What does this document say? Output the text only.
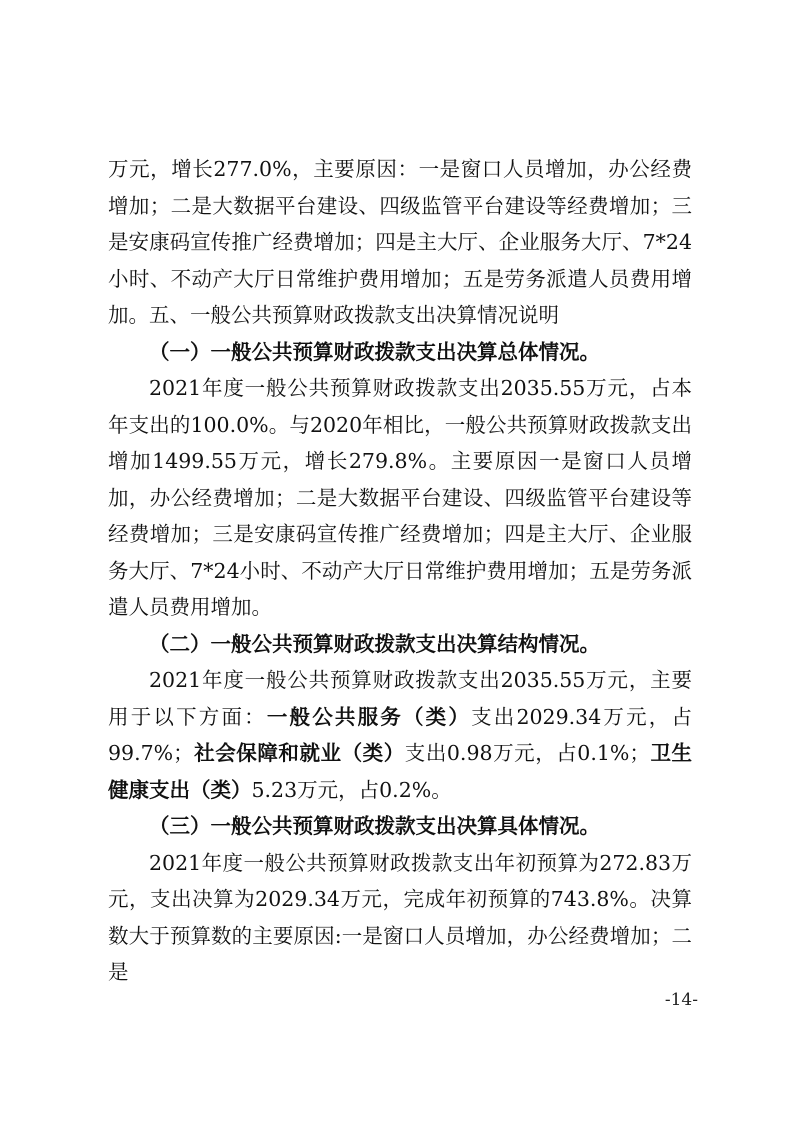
万元，增长277.0%，主要原因：一是窗口人员增加，办公经费增加；二是大数据平台建设、四级监管平台建设等经费增加；三是安康码宣传推广经费增加；四是主大厅、企业服务大厅、7*24小时、不动产大厅日常维护费用增加；五是劳务派遣人员费用增加。 五、一般公共预算财政拨款支出决算情况说明

（一）一般公共预算财政拨款支出决算总体情况。

2021年度一般公共预算财政拨款支出2035.55万元，占本年支出的100.0%。与2020年相比，一般公共预算财政拨款支出增加1499.55万元，增长279.8%。主要原因一是窗口人员增加，办公经费增加；二是大数据平台建设、四级监管平台建设等经费增加；三是安康码宣传推广经费增加；四是主大厅、企业服务大厅、7*24小时、不动产大厅日常维护费用增加；五是劳务派遣人员费用增加。

（二）一般公共预算财政拨款支出决算结构情况。

2021年度一般公共预算财政拨款支出2035.55万元，主要用于以下方面：一般公共服务（类）支出2029.34万元，占99.7%；社会保障和就业（类）支出0.98万元，占0.1%；卫生健康支出（类）5.23万元，占0.2%。

（三）一般公共预算财政拨款支出决算具体情况。

2021年度一般公共预算财政拨款支出年初预算为272.83万元，支出决算为2029.34万元，完成年初预算的743.8%。决算数大于预算数的主要原因:一是窗口人员增加，办公经费增加；二是

-14-
